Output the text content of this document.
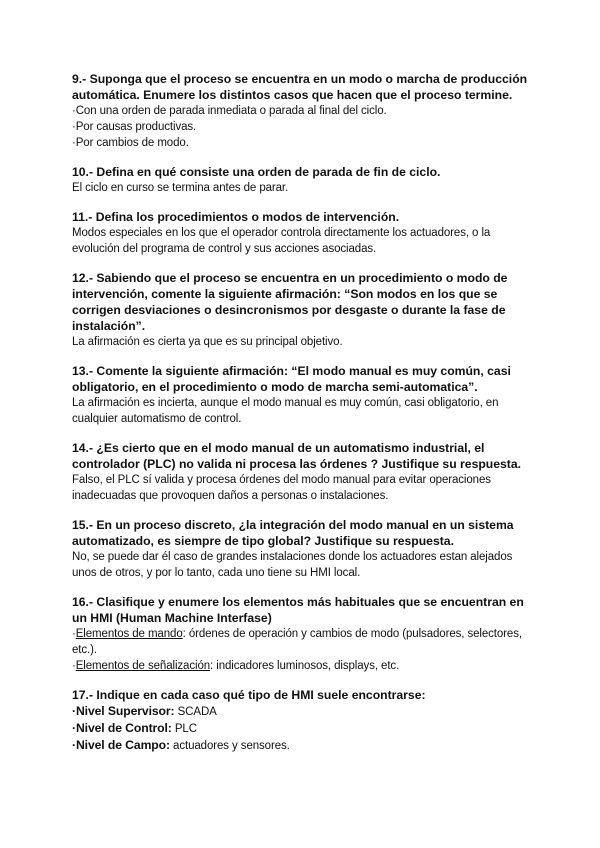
9.- Suponga que el proceso se encuentra en un modo o marcha de producción automática. Enumere los distintos casos que hacen que el proceso termine.

·Con una orden de parada inmediata o parada al final del ciclo.

·Por causas productivas.

·Por cambios de modo.

10.- Defina en qué consiste una orden de parada de fin de ciclo.

El ciclo en curso se termina antes de parar.

11.- Defina los procedimientos o modos de intervención.

Modos especiales en los que el operador controla directamente los actuadores, o la evolución del programa de control y sus acciones asociadas.

12.- Sabiendo que el proceso se encuentra en un procedimiento o modo de intervención, comente la siguiente afirmación: “Son modos en los que se corrigen desviaciones o desincronismos por desgaste o durante la fase de instalación”.

La afirmación es cierta ya que es su principal objetivo.

13.- Comente la siguiente afirmación: “El modo manual es muy común, casi obligatorio, en el procedimiento o modo de marcha semi-automatica”.

La afirmación es incierta, aunque el modo manual es muy común, casi obligatorio, en cualquier automatismo de control.

14.- ¿Es cierto que en el modo manual de un automatismo industrial, el controlador (PLC) no valida ni procesa las órdenes ? Justifique su respuesta.

Falso, el PLC sí valida y procesa órdenes del modo manual para evitar operaciones inadecuadas que provoquen daños a personas o instalaciones.

15.- En un proceso discreto, ¿la integración del modo manual en un sistema automatizado, es siempre de tipo global? Justifique su respuesta.

No, se puede dar él caso de grandes instalaciones donde los actuadores estan alejados unos de otros, y por lo tanto, cada uno tiene su HMI local.

16.- Clasifique y enumere los elementos más habituales que se encuentran en un HMI (Human Machine Interfase)

·Elementos de mando: órdenes de operación y cambios de modo (pulsadores, selectores, etc.).

·Elementos de señalización: indicadores luminosos, displays, etc.

17.- Indique en cada caso qué tipo de HMI suele encontrarse:

·Nivel Supervisor: SCADA

·Nivel de Control: PLC

·Nivel de Campo: actuadores y sensores.
